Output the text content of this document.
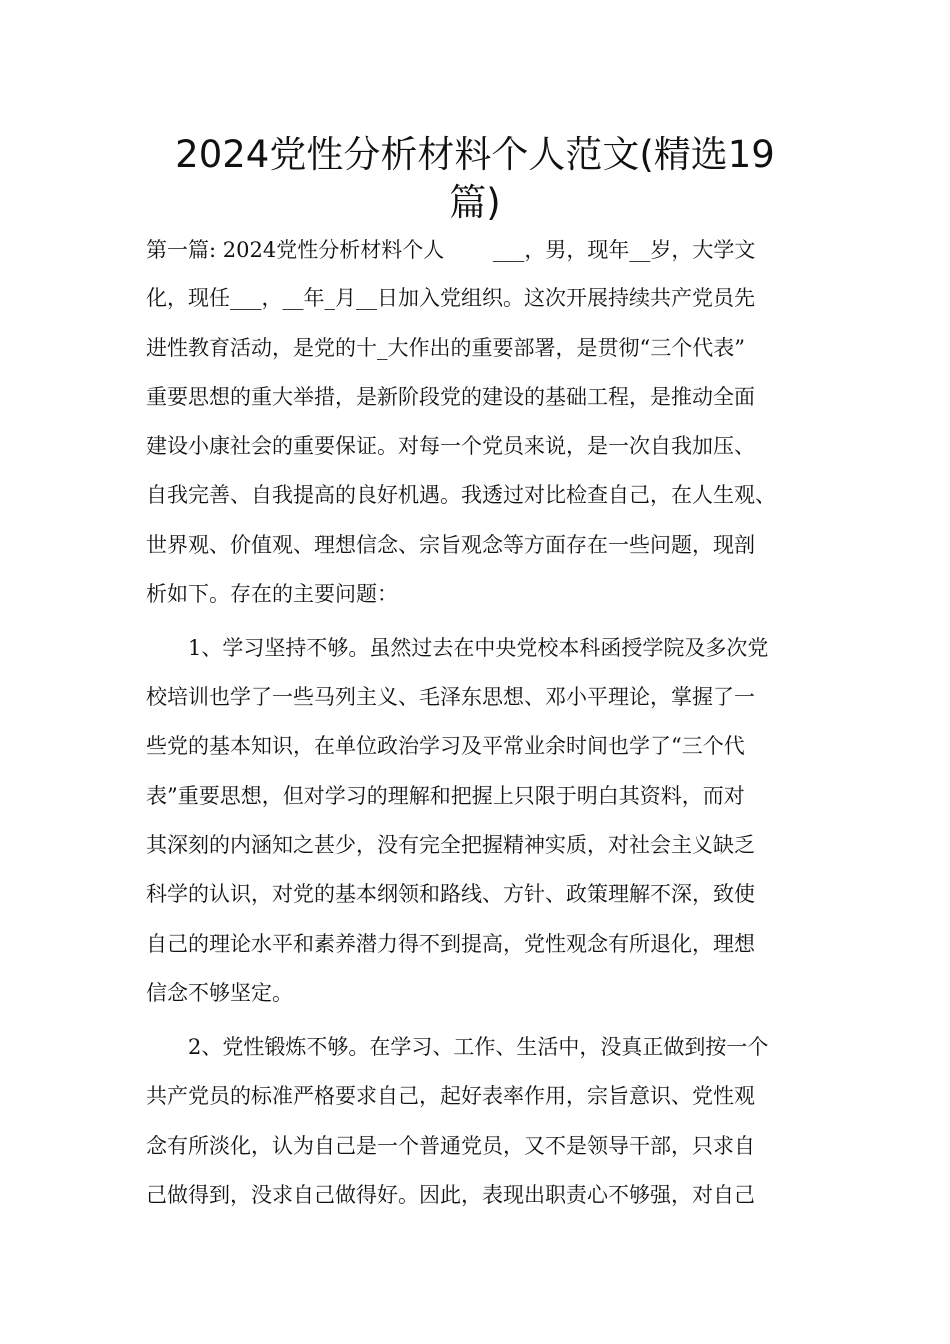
2024党性分析材料个人范文(精选19
篇)
第一篇: 2024党性分析材料个人　　 ___，男，现年__岁，大学文
化，现任___，__年_月__日加入党组织。这次开展持续共产党员先
进性教育活动，是党的十_大作出的重要部署，是贯彻“三个代表”
重要思想的重大举措，是新阶段党的建设的基础工程，是推动全面
建设小康社会的重要保证。对每一个党员来说，是一次自我加压、
自我完善、自我提高的良好机遇。我透过对比检查自己，在人生观、
世界观、价值观、理想信念、宗旨观念等方面存在一些问题，现剖
析如下。存在的主要问题：
　　1、学习坚持不够。虽然过去在中央党校本科函授学院及多次党
校培训也学了一些马列主义、毛泽东思想、邓小平理论，掌握了一
些党的基本知识，在单位政治学习及平常业余时间也学了“三个代
表”重要思想，但对学习的理解和把握上只限于明白其资料，而对
其深刻的内涵知之甚少，没有完全把握精神实质，对社会主义缺乏
科学的认识，对党的基本纲领和路线、方针、政策理解不深，致使
自己的理论水平和素养潜力得不到提高，党性观念有所退化，理想
信念不够坚定。
　　2、党性锻炼不够。在学习、工作、生活中，没真正做到按一个
共产党员的标准严格要求自己，起好表率作用，宗旨意识、党性观
念有所淡化，认为自己是一个普通党员，又不是领导干部，只求自
己做得到，没求自己做得好。因此，表现出职责心不够强，对自己
